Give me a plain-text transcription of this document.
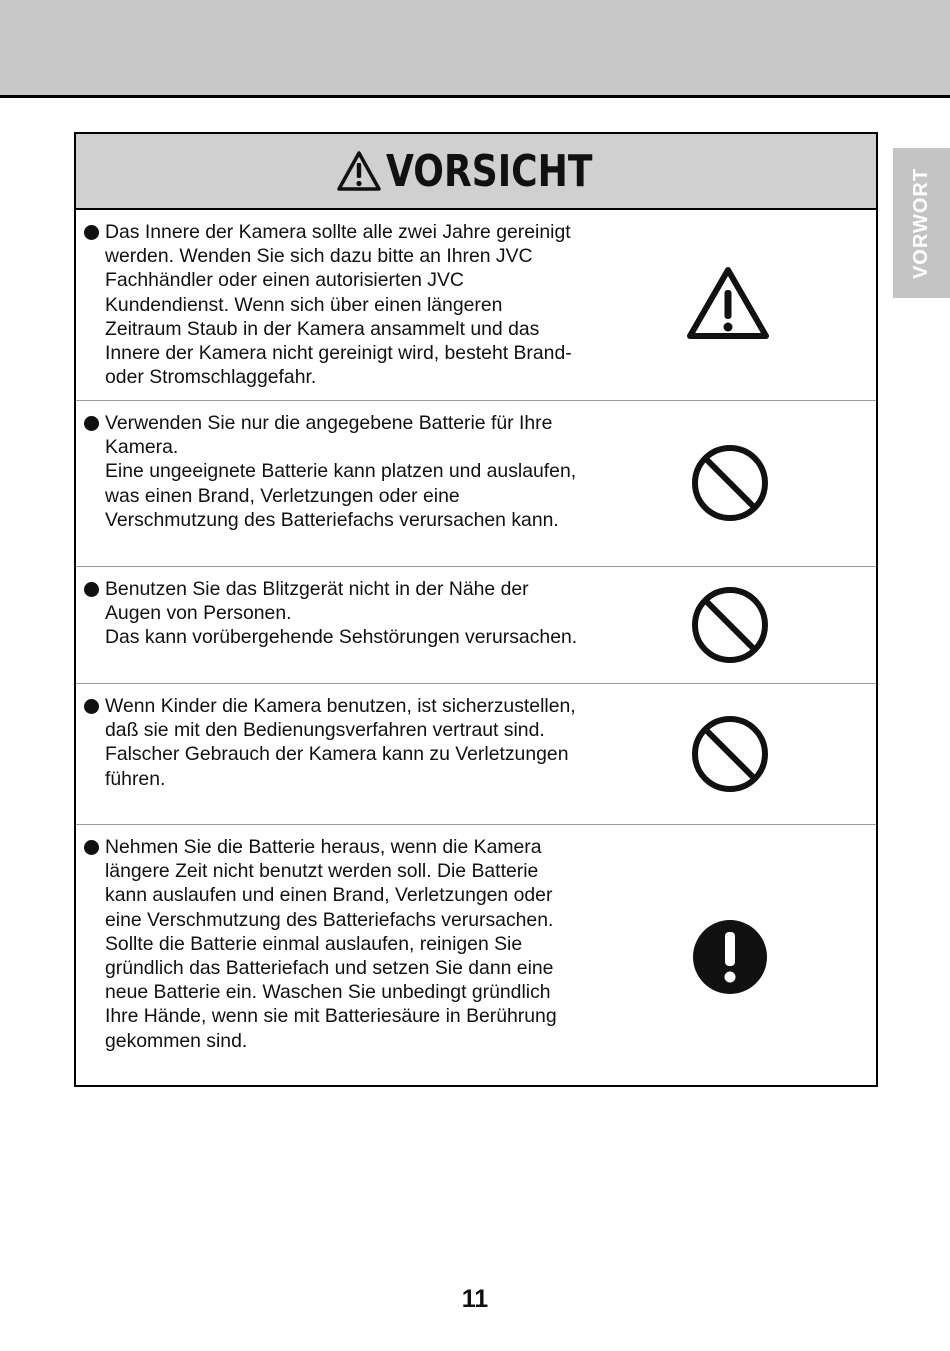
VORWORT
VORSICHT

Das Innere der Kamera sollte alle zwei Jahre gereinigt werden. Wenden Sie sich dazu bitte an Ihren JVC Fachhändler oder einen autorisierten JVC Kundendienst. Wenn sich über einen längeren Zeitraum Staub in der Kamera ansammelt und das Innere der Kamera nicht gereinigt wird, besteht Brand- oder Stromschlaggefahr.

Verwenden Sie nur die angegebene Batterie für Ihre Kamera.

Eine ungeeignete Batterie kann platzen und auslaufen, was einen Brand, Verletzungen oder eine Verschmutzung des Batteriefachs verursachen kann.

Benutzen Sie das Blitzgerät nicht in der Nähe der Augen von Personen.

Das kann vorübergehende Sehstörungen verursachen.

Wenn Kinder die Kamera benutzen, ist sicherzustellen, daß sie mit den Bedienungsverfahren vertraut sind.

Falscher Gebrauch der Kamera kann zu Verletzungen führen.

Nehmen Sie die Batterie heraus, wenn die Kamera längere Zeit nicht benutzt werden soll. Die Batterie kann auslaufen und einen Brand, Verletzungen oder eine Verschmutzung des Batteriefachs verursachen.

Sollte die Batterie einmal auslaufen, reinigen Sie gründlich das Batteriefach und setzen Sie dann eine neue Batterie ein. Waschen Sie unbedingt gründlich Ihre Hände, wenn sie mit Batteriesäure in Berührung gekommen sind.

11
